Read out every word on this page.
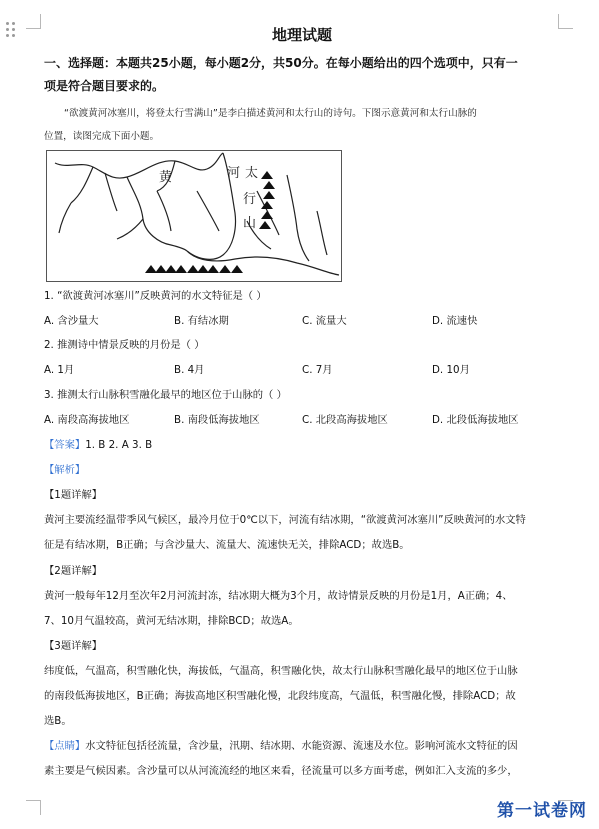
地理试题
一、选择题：本题共25小题，每小题2分，共50分。在每小题给出的四个选项中，只有一
项是符合题目要求的。
“欲渡黄河冰塞川，将登太行雪满山”是李白描述黄河和太行山的诗句。下图示意黄河和太行山脉的
位置，读图完成下面小题。
黄	河 太
行
山
1. “欲渡黄河冰塞川”反映黄河的水文特征是（ ）
A. 含沙量大	B. 有结冰期	C. 流量大	D. 流速快
2. 推测诗中情景反映的月份是（ ）
A. 1月	B. 4月	C. 7月	D. 10月
3. 推测太行山脉积雪融化最早的地区位于山脉的（ ）
A. 南段高海拔地区	B. 南段低海拔地区	C. 北段高海拔地区	D. 北段低海拔地区
【答案】1. B 2. A 3. B
【解析】
【1题详解】
黄河主要流经温带季风气候区，最冷月位于0℃以下，河流有结冰期，“欲渡黄河冰塞川”反映黄河的水文特
征是有结冰期，B正确；与含沙量大、流量大、流速快无关，排除ACD；故选B。
【2题详解】
黄河一般每年12月至次年2月河流封冻，结冰期大概为3个月，故诗情景反映的月份是1月，A正确；4、
7、10月气温较高，黄河无结冰期，排除BCD；故选A。
【3题详解】
纬度低，气温高，积雪融化快，海拔低，气温高，积雪融化快，故太行山脉积雪融化最早的地区位于山脉
的南段低海拔地区，B正确；海拔高地区积雪融化慢，北段纬度高，气温低，积雪融化慢，排除ACD；故
选B。
【点睛】水文特征包括径流量，含沙量，汛期、结冰期、水能资源、流速及水位。影响河流水文特征的因
素主要是气候因素。含沙量可以从河流流经的地区来看，径流量可以多方面考虑，例如汇入支流的多少，
第一试卷网
